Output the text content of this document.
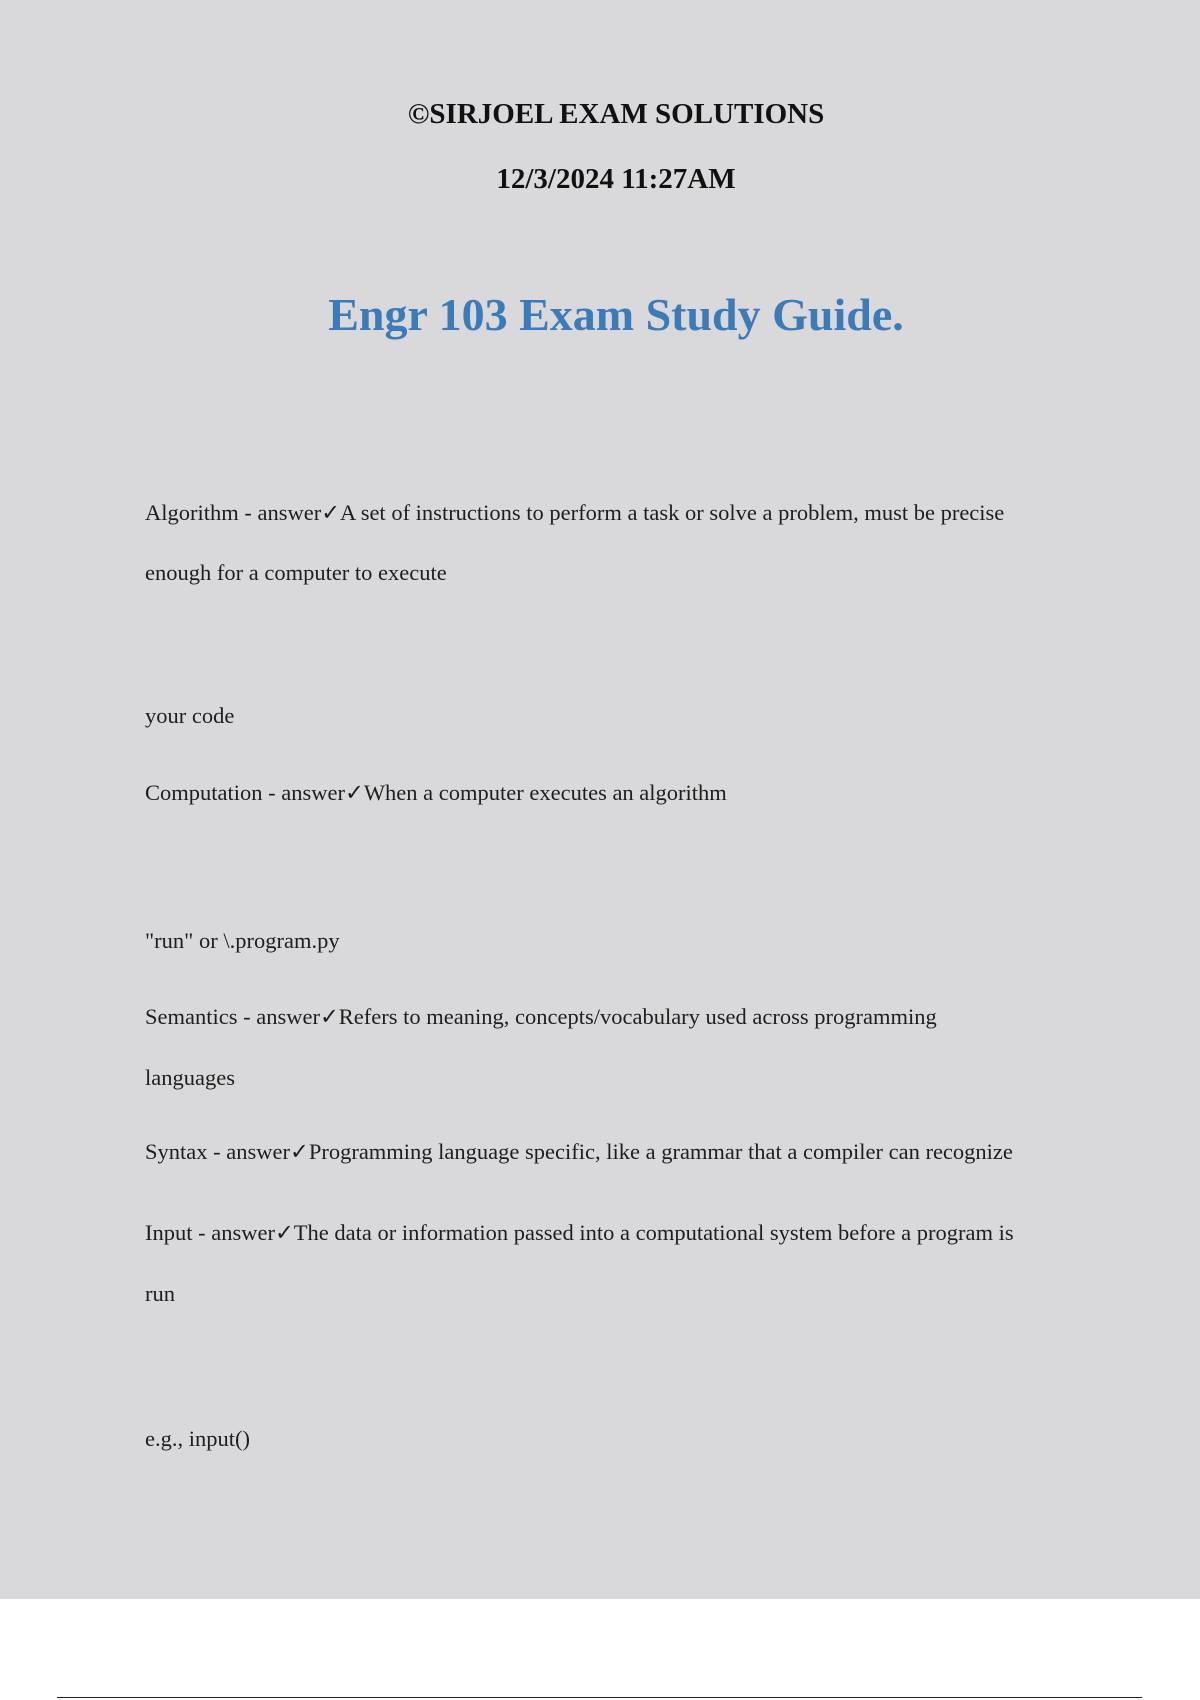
©SIRJOEL EXAM SOLUTIONS

12/3/2024 11:27AM

Engr 103 Exam Study Guide.

Algorithm - answer✓A set of instructions to perform a task or solve a problem, must be precise

enough for a computer to execute

your code

Computation - answer✓When a computer executes an algorithm

"run" or \.program.py

Semantics - answer✓Refers to meaning, concepts/vocabulary used across programming

languages

Syntax - answer✓Programming language specific, like a grammar that a compiler can recognize

Input - answer✓The data or information passed into a computational system before a program is

run

e.g., input()
